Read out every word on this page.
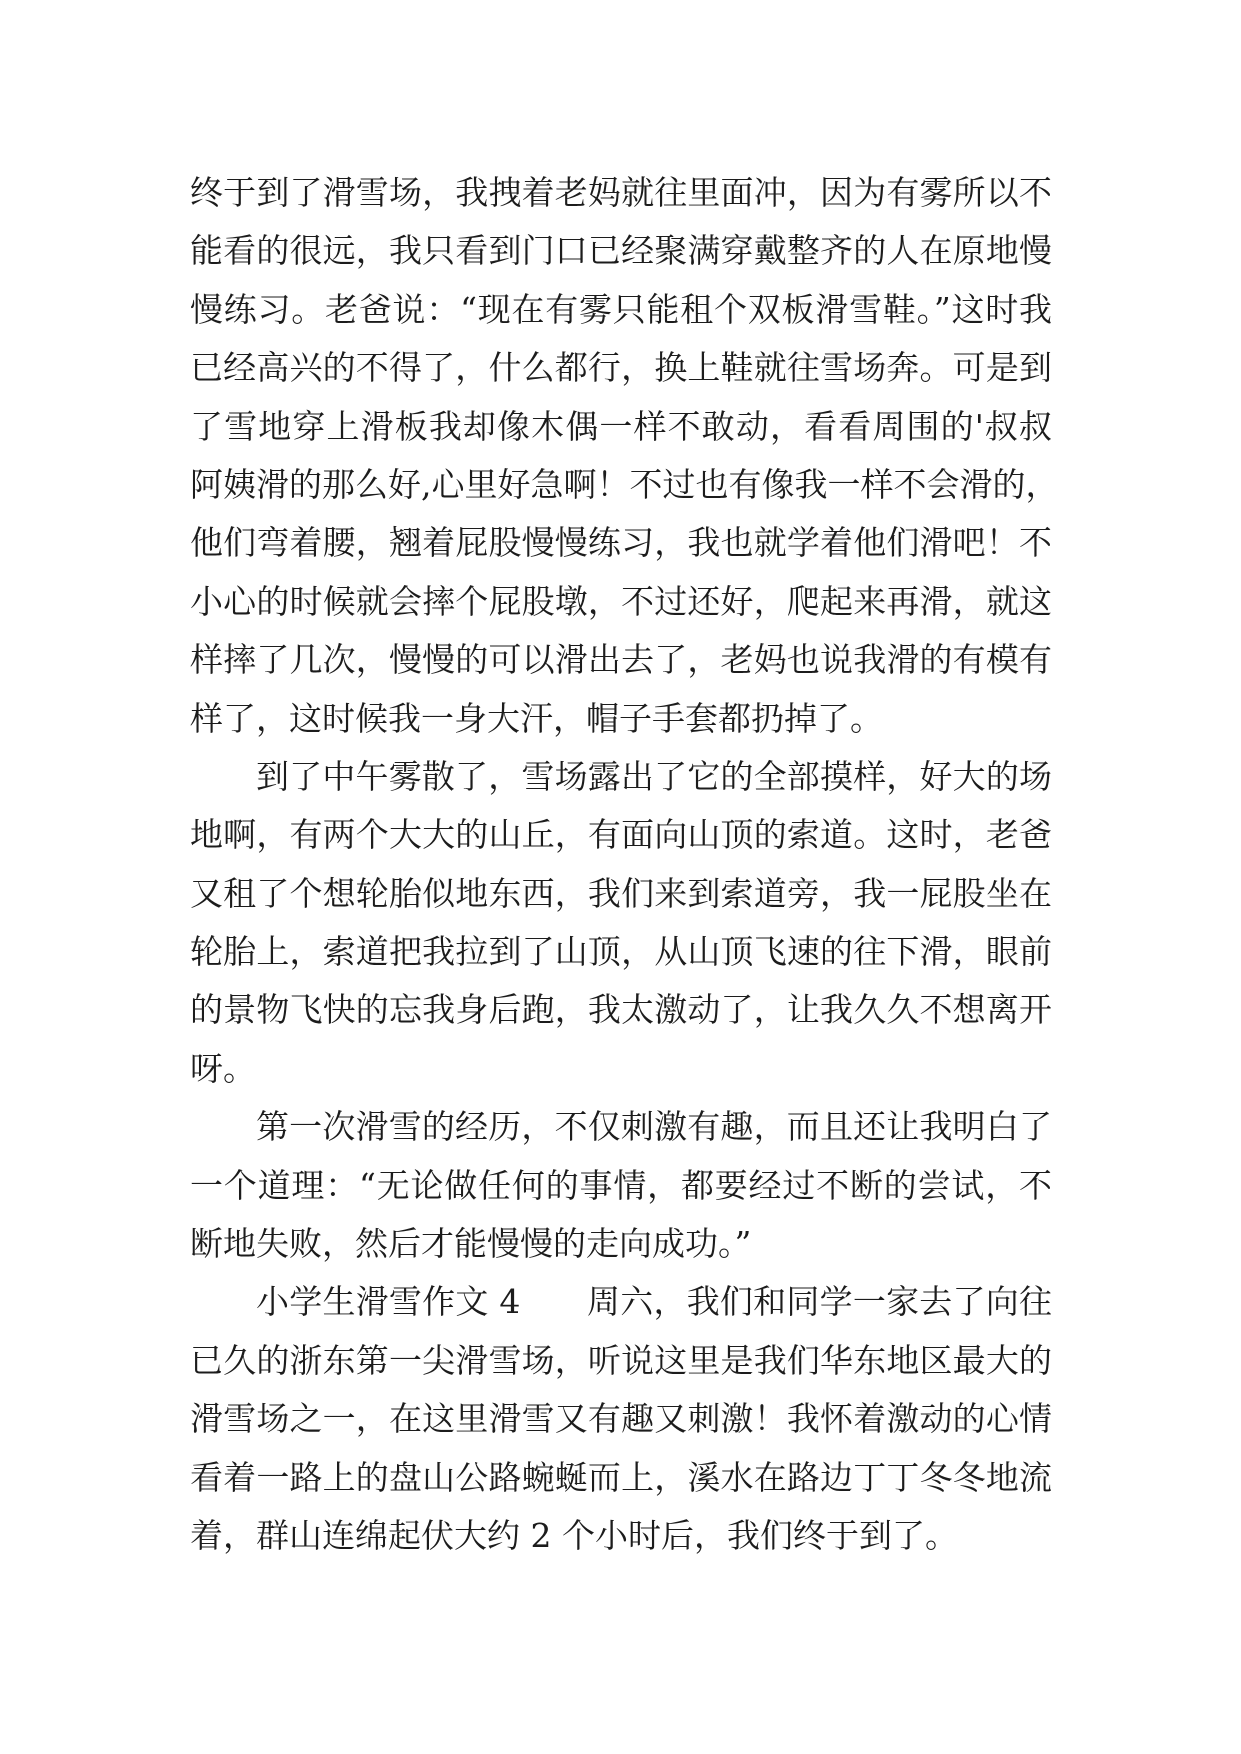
终于到了滑雪场，我拽着老妈就往里面冲，因为有雾所以不
能看的很远，我只看到门口已经聚满穿戴整齐的人在原地慢
慢练习。老爸说：“现在有雾只能租个双板滑雪鞋。”这时我
已经高兴的不得了，什么都行，换上鞋就往雪场奔。可是到
了雪地穿上滑板我却像木偶一样不敢动，看看周围的'叔叔
阿姨滑的那么好,心里好急啊！不过也有像我一样不会滑的，
他们弯着腰，翘着屁股慢慢练习，我也就学着他们滑吧！不
小心的时候就会摔个屁股墩，不过还好，爬起来再滑，就这
样摔了几次，慢慢的可以滑出去了，老妈也说我滑的有模有
样了，这时候我一身大汗，帽子手套都扔掉了。
到了中午雾散了，雪场露出了它的全部摸样，好大的场
地啊，有两个大大的山丘，有面向山顶的索道。这时，老爸
又租了个想轮胎似地东西，我们来到索道旁，我一屁股坐在
轮胎上，索道把我拉到了山顶，从山顶飞速的往下滑，眼前
的景物飞快的忘我身后跑，我太激动了，让我久久不想离开
呀。
第一次滑雪的经历，不仅刺激有趣，而且还让我明白了
一个道理：“无论做任何的事情，都要经过不断的尝试，不
断地失败，然后才能慢慢的走向成功。”
小学生滑雪作文 4　　周六，我们和同学一家去了向往
已久的浙东第一尖滑雪场，听说这里是我们华东地区最大的
滑雪场之一，在这里滑雪又有趣又刺激！我怀着激动的心情
看着一路上的盘山公路蜿蜒而上，溪水在路边丁丁冬冬地流
着，群山连绵起伏大约 2 个小时后，我们终于到了。
